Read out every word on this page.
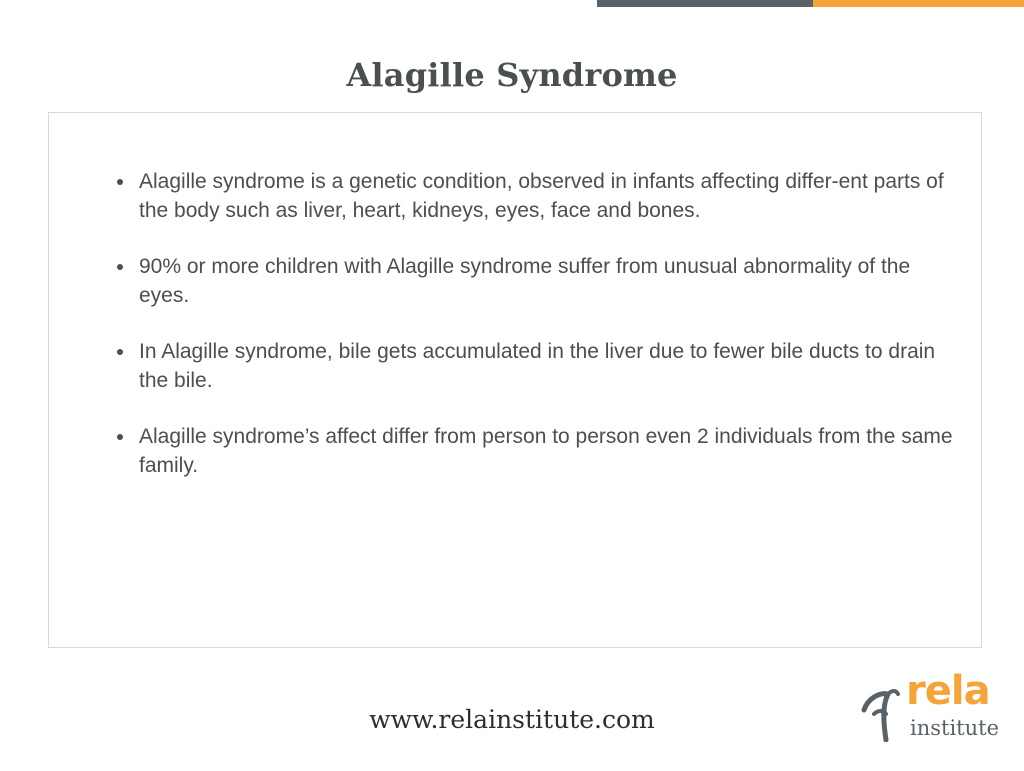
Alagille Syndrome
Alagille syndrome is a genetic condition, observed in infants affecting differ-ent parts of the body such as liver, heart, kidneys, eyes, face and bones.
90% or more children with Alagille syndrome suffer from unusual abnormality of the eyes.
In Alagille syndrome, bile gets accumulated in the liver due to fewer bile ducts to drain the bile.
Alagille syndrome’s affect differ from person to person even 2 individuals from the same family.
www.relainstitute.com
rela
institute
